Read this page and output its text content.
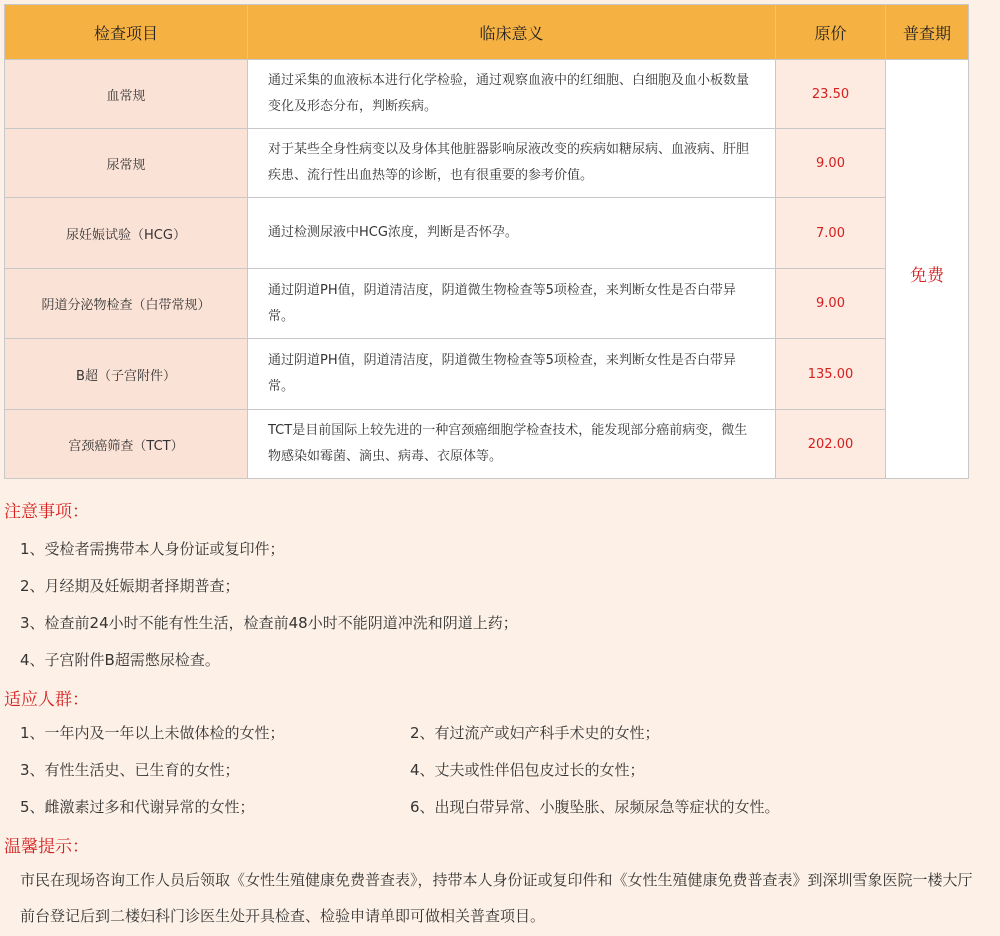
检查项目	临床意义	原价	普查期
血常规	通过采集的血液标本进行化学检验，通过观察血液中的红细胞、白细胞及血小板数量变化及形态分布，判断疾病。	23.50	免费

尿常规	对于某些全身性病变以及身体其他脏器影响尿液改变的疾病如糖尿病、血液病、肝胆疾患、流行性出血热等的诊断，也有很重要的参考价值。	9.00	
尿妊娠试验（HCG）	通过检测尿液中HCG浓度，判断是否怀孕。	7.00	
阴道分泌物检查（白带常规）	通过阴道PH值，阴道清洁度，阴道微生物检查等5项检查，来判断女性是否白带异常。	9.00	
B超（子宫附件）	通过阴道PH值，阴道清洁度，阴道微生物检查等5项检查，来判断女性是否白带异常。	135.00	
宫颈癌筛查（TCT）	TCT是目前国际上较先进的一种宫颈癌细胞学检查技术，能发现部分癌前病变，微生物感染如霉菌、滴虫、病毒、衣原体等。	202.00	
注意事项：
1、受检者需携带本人身份证或复印件；
2、月经期及妊娠期者择期普查；
3、检查前24小时不能有性生活，检查前48小时不能阴道冲洗和阴道上药；
4、子宫附件B超需憋尿检查。
适应人群：
1、一年内及一年以上未做体检的女性；	2、有过流产或妇产科手术史的女性；
3、有性生活史、已生育的女性；	4、丈夫或性伴侣包皮过长的女性；
5、雌激素过多和代谢异常的女性；	6、出现白带异常、小腹坠胀、尿频尿急等症状的女性。
温馨提示：
市民在现场咨询工作人员后领取《女性生殖健康免费普查表》，持带本人身份证或复印件和《女性生殖健康免费普查表》到深圳雪象医院一楼大厅前台登记后到二楼妇科门诊医生处开具检查、检验申请单即可做相关普查项目。
